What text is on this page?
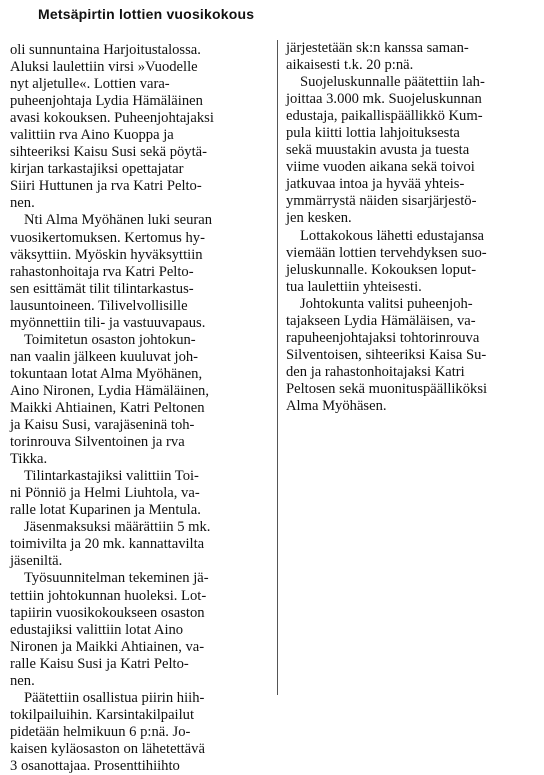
Metsäpirtin lottien vuosikokous
oli sunnuntaina Harjoitustalossa.
Aluksi laulettiin virsi »Vuodelle
nyt aljetulle«. Lottien vara-
puheenjohtaja Lydia Hämäläinen
avasi kokouksen. Puheenjohtajaksi
valittiin rva Aino Kuoppa ja
sihteeriksi Kaisu Susi sekä pöytä-
kirjan tarkastajiksi opettajatar
Siiri Huttunen ja rva Katri Pelto-
nen.
Nti Alma Myöhänen luki seuran
vuosikertomuksen. Kertomus hy-
väksyttiin. Myöskin hyväksyttiin
rahastonhoitaja rva Katri Pelto-
sen esittämät tilit tilintarkastus-
lausuntoineen. Tilivelvollisille
myönnettiin tili- ja vastuuvapaus.
Toimitetun osaston johtokun-
nan vaalin jälkeen kuuluvat joh-
tokuntaan lotat Alma Myöhänen,
Aino Nironen, Lydia Hämäläinen,
Maikki Ahtiainen, Katri Peltonen
ja Kaisu Susi, varajäseninä toh-
torinrouva Silventoinen ja rva
Tikka.
Tilintarkastajiksi valittiin Toi-
ni Pönniö ja Helmi Liuhtola, va-
ralle lotat Kuparinen ja Mentula.
Jäsenmaksuksi määrättiin 5 mk.
toimivilta ja 20 mk. kannattavilta
jäseniltä.
Työsuunnitelman tekeminen jä-
tettiin johtokunnan huoleksi. Lot-
tapiirin vuosikokoukseen osaston
edustajiksi valittiin lotat Aino
Nironen ja Maikki Ahtiainen, va-
ralle Kaisu Susi ja Katri Pelto-
nen.
Päätettiin osallistua piirin hiih-
tokilpailuihin. Karsintakilpailut
pidetään helmikuun 6 p:nä. Jo-
kaisen kyläosaston on lähetettävä
3 osanottajaa. Prosenttihiihto
järjestetään sk:n kanssa saman-
aikaisesti t.k. 20 p:nä.
Suojeluskunnalle päätettiin lah-
joittaa 3.000 mk. Suojeluskunnan
edustaja, paikallispäällikkö Kum-
pula kiitti lottia lahjoituksesta
sekä muustakin avusta ja tuesta
viime vuoden aikana sekä toivoi
jatkuvaa intoa ja hyvää yhteis-
ymmärrystä näiden sisarjärjestö-
jen kesken.
Lottakokous lähetti edustajansa
viemään lottien tervehdyksen suo-
jeluskunnalle. Kokouksen loput-
tua laulettiin yhteisesti.
Johtokunta valitsi puheenjoh-
tajakseen Lydia Hämäläisen, va-
rapuheenjohtajaksi tohtorinrouva
Silventoisen, sihteeriksi Kaisa Su-
den ja rahastonhoitajaksi Katri
Peltosen sekä muonituspäälliköksi
Alma Myöhäsen.
